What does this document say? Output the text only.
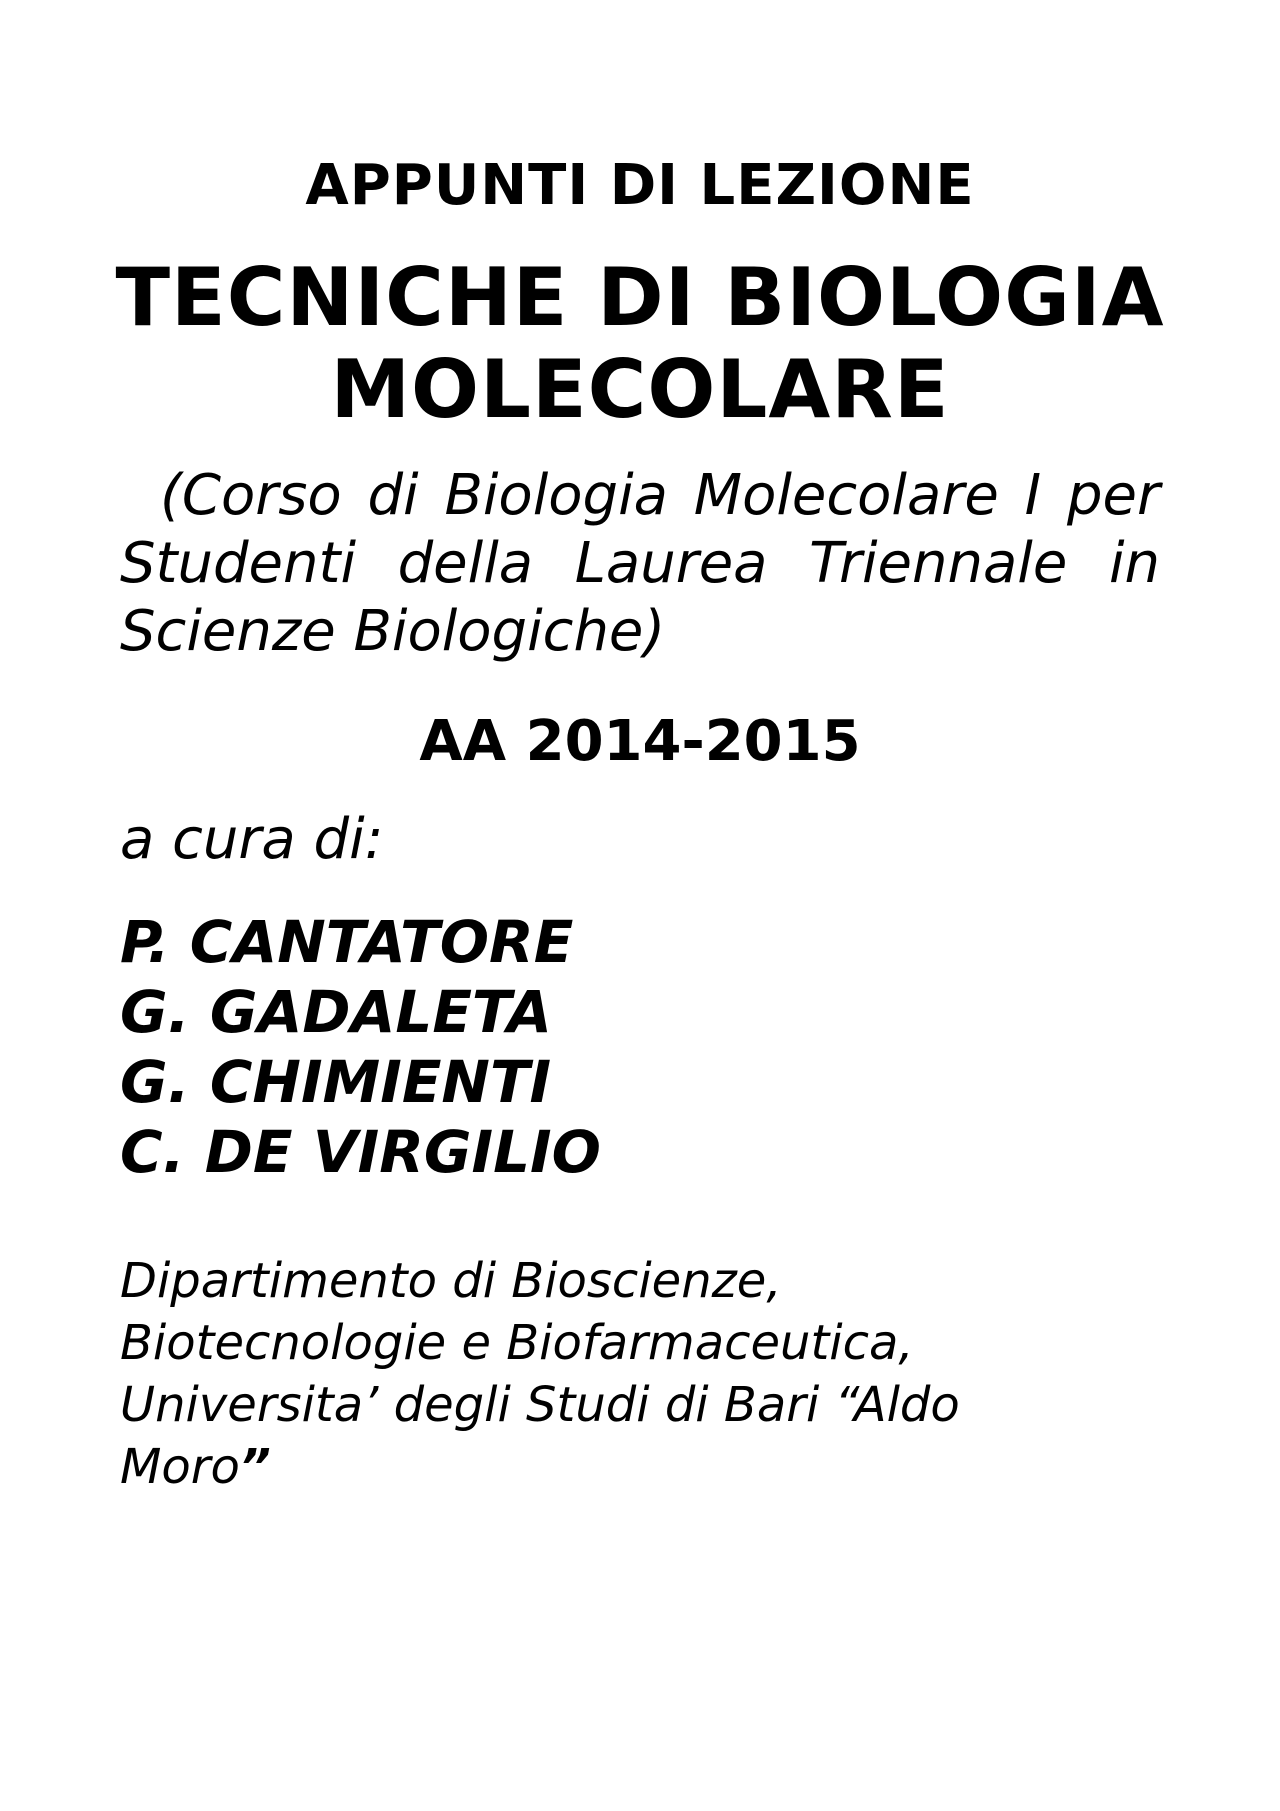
APPUNTI DI LEZIONE
TECNICHE DI BIOLOGIA
MOLECOLARE
(Corso di Biologia Molecolare I per Studenti della Laurea Triennale in Scienze Biologiche)
AA 2014-2015
a cura di:
P. CANTATORE
G. GADALETA
G. CHIMIENTI
C. DE VIRGILIO
Dipartimento di Bioscienze,
Biotecnologie e Biofarmaceutica,
Universita’ degli Studi di Bari “Aldo
Moro”
